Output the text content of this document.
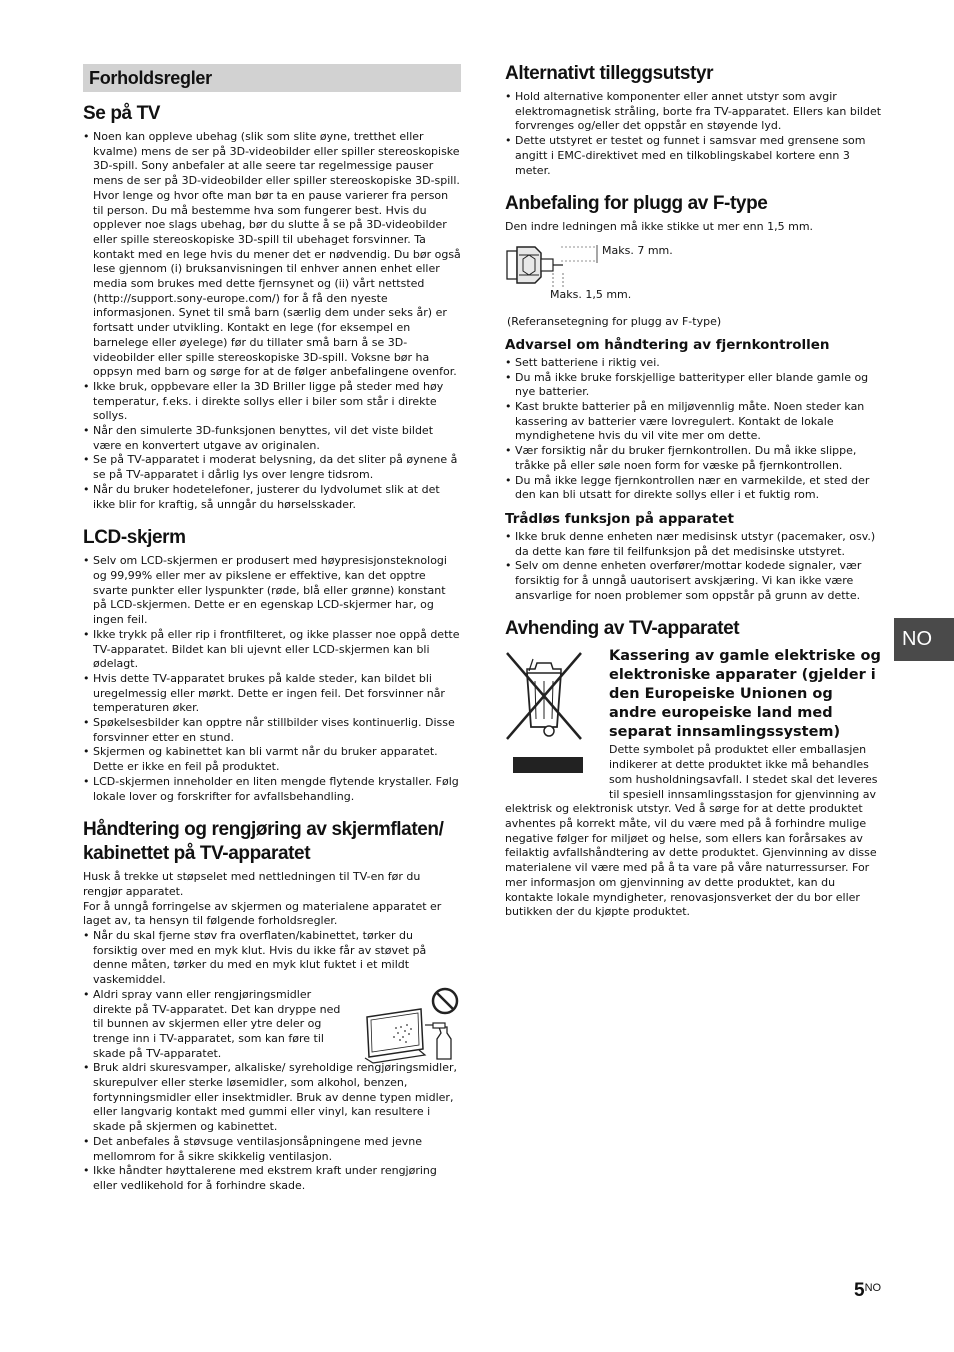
Forholdsregler
Se på TV
• Noen kan oppleve ubehag (slik som slite øyne, tretthet eller kvalme) mens de ser på 3D-videobilder eller spiller stereoskopiske 3D-spill. Sony anbefaler at alle seere tar regelmessige pauser mens de ser på 3D-videobilder eller spiller stereoskopiske 3D-spill. Hvor lenge og hvor ofte man bør ta en pause varierer fra person til person. Du må bestemme hva som fungerer best. Hvis du opplever noe slags ubehag, bør du slutte å se på 3D-videobilder eller spille stereoskopiske 3D-spill til ubehaget forsvinner. Ta kontakt med en lege hvis du mener det er nødvendig. Du bør også lese gjennom (i) bruksanvisningen til enhver annen enhet eller media som brukes med dette fjernsynet og (ii) vårt nettsted (http://support.sony-europe.com/) for å få den nyeste informasjonen. Synet til små barn (særlig dem under seks år) er fortsatt under utvikling. Kontakt en lege (for eksempel en barnelege eller øyelege) før du tillater små barn å se 3D-videobilder eller spille stereoskopiske 3D-spill. Voksne bør ha oppsyn med barn og sørge for at de følger anbefalingene ovenfor.
• Ikke bruk, oppbevare eller la 3D Briller ligge på steder med høy temperatur, f.eks. i direkte sollys eller i biler som står i direkte sollys.
• Når den simulerte 3D-funksjonen benyttes, vil det viste bildet være en konvertert utgave av originalen.
• Se på TV-apparatet i moderat belysning, da det sliter på øynene å se på TV-apparatet i dårlig lys over lengre tidsrom.
• Når du bruker hodetelefoner, justerer du lydvolumet slik at det ikke blir for kraftig, så unngår du hørselsskader.
LCD-skjerm
• Selv om LCD-skjermen er produsert med høypresisjonsteknologi og 99,99% eller mer av pikslene er effektive, kan det opptre svarte punkter eller lyspunkter (røde, blå eller grønne) konstant på LCD-skjermen. Dette er en egenskap LCD-skjermer har, og ingen feil.
• Ikke trykk på eller rip i frontfilteret, og ikke plasser noe oppå dette TV-apparatet. Bildet kan bli ujevnt eller LCD-skjermen kan bli ødelagt.
• Hvis dette TV-apparatet brukes på kalde steder, kan bildet bli uregelmessig eller mørkt. Dette er ingen feil. Det forsvinner når temperaturen øker.
• Spøkelsesbilder kan opptre når stillbilder vises kontinuerlig. Disse forsvinner etter en stund.
• Skjermen og kabinettet kan bli varmt når du bruker apparatet. Dette er ikke en feil på produktet.
• LCD-skjermen inneholder en liten mengde flytende krystaller. Følg lokale lover og forskrifter for avfallsbehandling.
Håndtering og rengjøring av skjermflaten/ kabinettet på TV-apparatet

Husk å trekke ut støpselet med nettledningen til TV-en før du rengjør apparatet.

For å unngå forringelse av skjermen og materialene apparatet er laget av, ta hensyn til følgende forholdsregler.

• Når du skal fjerne støv fra overflaten/kabinettet, tørker du forsiktig over med en myk klut. Hvis du ikke får av støvet på denne måten, tørker du med en myk klut fuktet i et mildt vaskemiddel.
• Aldri spray vann eller rengjøringsmidler direkte på TV-apparatet. Det kan dryppe ned til bunnen av skjermen eller ytre deler og trenge inn i TV-apparatet, som kan føre til skade på TV-apparatet.
• Bruk aldri skuresvamper, alkaliske/ syreholdige rengjøringsmidler, skurepulver eller sterke løsemidler, som alkohol, benzen, fortynningsmidler eller insektmidler. Bruk av denne typen midler, eller langvarig kontakt med gummi eller vinyl, kan resultere i skade på skjermen og kabinettet.
• Det anbefales å støvsuge ventilasjonsåpningene med jevne mellomrom for å sikre skikkelig ventilasjon.
• Ikke håndter høyttalerene med ekstrem kraft under rengjøring eller vedlikehold for å forhindre skade.
Alternativt tilleggsutstyr
• Hold alternative komponenter eller annet utstyr som avgir elektromagnetisk stråling, borte fra TV-apparatet. Ellers kan bildet forvrenges og/eller det oppstår en støyende lyd.
• Dette utstyret er testet og funnet i samsvar med grensene som angitt i EMC-direktivet med en tilkoblingskabel kortere enn 3 meter.
Anbefaling for plugg av F-type

Den indre ledningen må ikke stikke ut mer enn 1,5 mm.

Maks. 7 mm.
Maks. 1,5 mm.

(Referansetegning for plugg av F-type)

Advarsel om håndtering av fjernkontrollen
• Sett batteriene i riktig vei.
• Du må ikke bruke forskjellige batterityper eller blande gamle og nye batterier.
• Kast brukte batterier på en miljøvennlig måte. Noen steder kan kassering av batterier være lovregulert. Kontakt de lokale myndighetene hvis du vil vite mer om dette.
• Vær forsiktig når du bruker fjernkontrollen. Du må ikke slippe, tråkke på eller søle noen form for væske på fjernkontrollen.
• Du må ikke legge fjernkontrollen nær en varmekilde, et sted der den kan bli utsatt for direkte sollys eller i et fuktig rom.
Trådløs funksjon på apparatet
• Ikke bruk denne enheten nær medisinsk utstyr (pacemaker, osv.) da dette kan føre til feilfunksjon på det medisinske utstyret.
• Selv om denne enheten overfører/mottar kodede signaler, vær forsiktig for å unngå uautorisert avskjæring. Vi kan ikke være ansvarlige for noen problemer som oppstår på grunn av dette.
Avhending av TV-apparatet

Kassering av gamle elektriske og elektroniske apparater (gjelder i den Europeiske Unionen og andre europeiske land med separat innsamlingssystem)

Dette symbolet på produktet eller emballasjen indikerer at dette produktet ikke må behandles som husholdningsavfall. I stedet skal det leveres til spesiell innsamlingsstasjon for gjenvinning av elektrisk og elektronisk utstyr. Ved å sørge for at dette produktet avhentes på korrekt måte, vil du være med på å forhindre mulige negative følger for miljøet og helse, som ellers kan forårsakes av feilaktig avfallshåndtering av dette produktet. Gjenvinning av disse materialene vil være med på å ta vare på våre naturressurser. For mer informasjon om gjenvinning av dette produktet, kan du kontakte lokale myndigheter, renovasjonsverket der du bor eller butikken der du kjøpte produktet.

NO
$5^{NO}$
